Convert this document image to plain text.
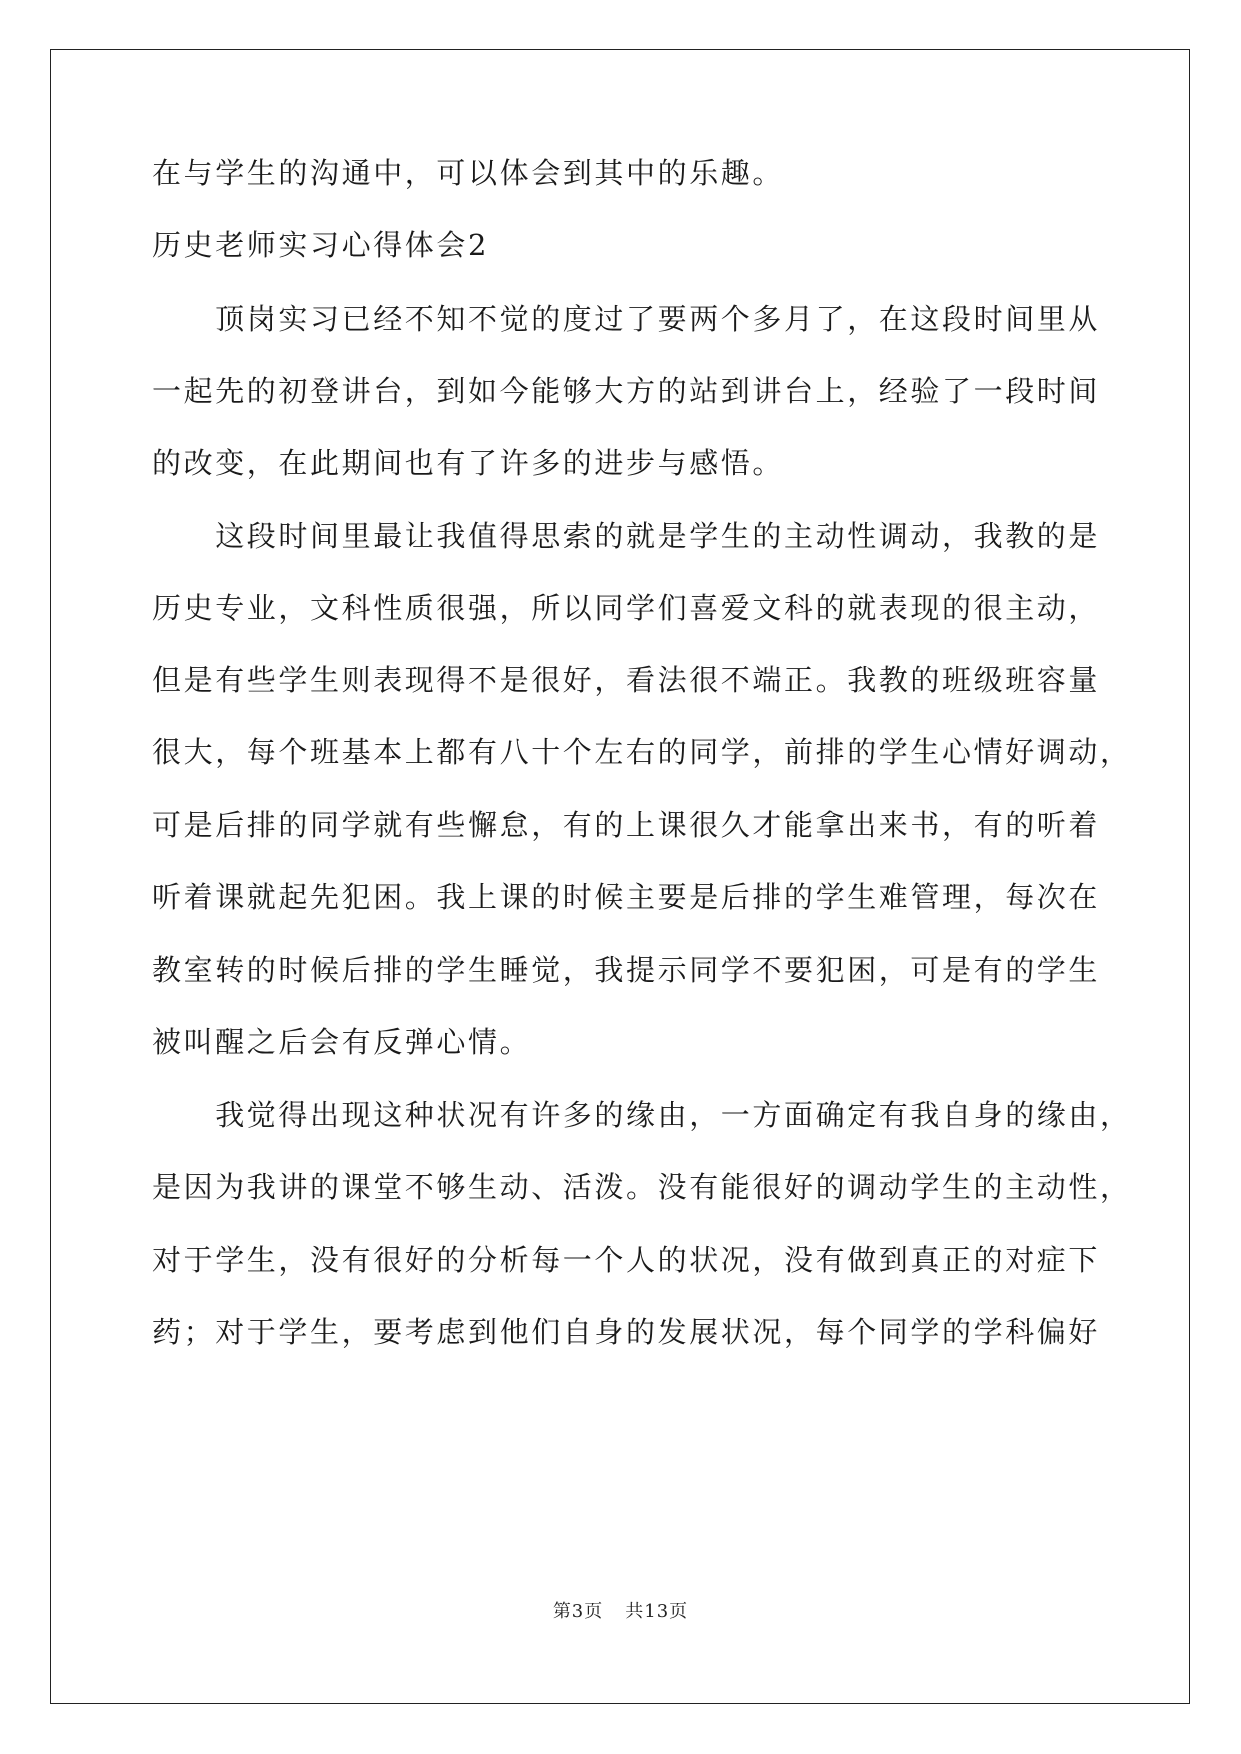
在与学生的沟通中，可以体会到其中的乐趣。
历史老师实习心得体会2
　　顶岗实习已经不知不觉的度过了要两个多月了，在这段时间里从
一起先的初登讲台，到如今能够大方的站到讲台上，经验了一段时间
的改变，在此期间也有了许多的进步与感悟。
　　这段时间里最让我值得思索的就是学生的主动性调动，我教的是
历史专业，文科性质很强，所以同学们喜爱文科的就表现的很主动，
但是有些学生则表现得不是很好，看法很不端正。我教的班级班容量
很大，每个班基本上都有八十个左右的同学，前排的学生心情好调动，
可是后排的同学就有些懈怠，有的上课很久才能拿出来书，有的听着
听着课就起先犯困。我上课的时候主要是后排的学生难管理，每次在
教室转的时候后排的学生睡觉，我提示同学不要犯困，可是有的学生
被叫醒之后会有反弹心情。
　　我觉得出现这种状况有许多的缘由，一方面确定有我自身的缘由，
是因为我讲的课堂不够生动、活泼。没有能很好的调动学生的主动性，
对于学生，没有很好的分析每一个人的状况，没有做到真正的对症下
药；对于学生，要考虑到他们自身的发展状况，每个同学的学科偏好
第3页 共13页
